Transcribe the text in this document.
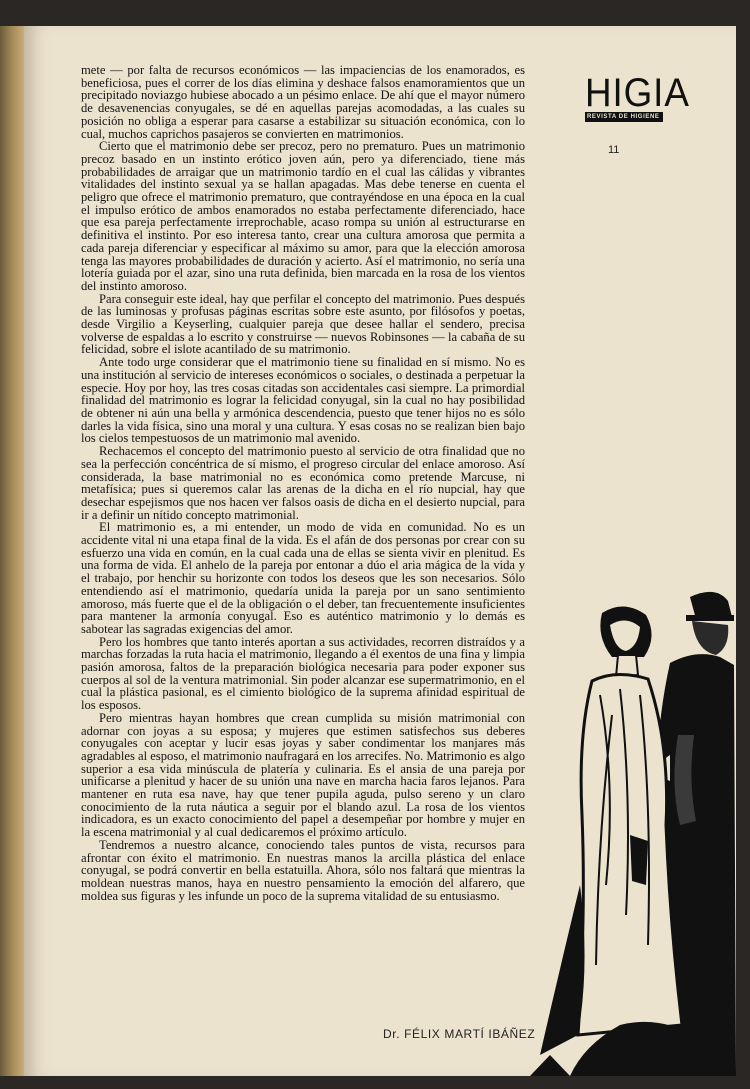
HIGIA
REVISTA DE HIGIENE
11

mete — por falta de recursos económicos — las impaciencias de los enamorados, es beneficiosa, pues el correr de los días elimina y deshace falsos enamoramientos que un precipitado noviazgo hubiese abocado a un pésimo enlace. De ahí que el mayor número de desavenencias conyugales, se dé en aquellas parejas acomodadas, a las cuales su posición no obliga a esperar para casarse a estabilizar su situación económica, con lo cual, muchos caprichos pasajeros se convierten en matrimonios.

Cierto que el matrimonio debe ser precoz, pero no prematuro. Pues un matrimonio precoz basado en un instinto erótico joven aún, pero ya diferenciado, tiene más probabilidades de arraigar que un matrimonio tardío en el cual las cálidas y vibrantes vitalidades del instinto sexual ya se hallan apagadas. Mas debe tenerse en cuenta el peligro que ofrece el matrimonio prematuro, que contrayéndose en una época en la cual el impulso erótico de ambos enamorados no estaba perfectamente diferenciado, hace que esa pareja perfectamente irreprochable, acaso rompa su unión al estructurarse en definitiva el instinto. Por eso interesa tanto, crear una cultura amorosa que permita a cada pareja diferenciar y especificar al máximo su amor, para que la elección amorosa tenga las mayores probabilidades de duración y acierto. Así el matrimonio, no sería una lotería guiada por el azar, sino una ruta definida, bien marcada en la rosa de los vientos del instinto amoroso.

Para conseguir este ideal, hay que perfilar el concepto del matrimonio. Pues después de las luminosas y profusas páginas escritas sobre este asunto, por filósofos y poetas, desde Virgilio a Keyserling, cualquier pareja que desee hallar el sendero, precisa volverse de espaldas a lo escrito y construirse — nuevos Robinsones — la cabaña de su felicidad, sobre el islote acantilado de su matrimonio.

Ante todo urge considerar que el matrimonio tiene su finalidad en sí mismo. No es una institución al servicio de intereses económicos o sociales, o destinada a perpetuar la especie. Hoy por hoy, las tres cosas citadas son accidentales casi siempre. La primordial finalidad del matrimonio es lograr la felicidad conyugal, sin la cual no hay posibilidad de obtener ni aún una bella y armónica descendencia, puesto que tener hijos no es sólo darles la vida física, sino una moral y una cultura. Y esas cosas no se realizan bien bajo los cielos tempestuosos de un matrimonio mal avenido.

Rechacemos el concepto del matrimonio puesto al servicio de otra finalidad que no sea la perfección concéntrica de sí mismo, el progreso circular del enlace amoroso. Así considerada, la base matrimonial no es económica como pretende Marcuse, ni metafísica; pues si queremos calar las arenas de la dicha en el río nupcial, hay que desechar espejismos que nos hacen ver falsos oasis de dicha en el desierto nupcial, para ir a definir un nítido concepto matrimonial.

El matrimonio es, a mi entender, un modo de vida en comunidad. No es un accidente vital ni una etapa final de la vida. Es el afán de dos personas por crear con su esfuerzo una vida en común, en la cual cada una de ellas se sienta vivir en plenitud. Es una forma de vida. El anhelo de la pareja por entonar a dúo el aria mágica de la vida y el trabajo, por henchir su horizonte con todos los deseos que les son necesarios. Sólo entendiendo así el matrimonio, quedaría unida la pareja por un sano sentimiento amoroso, más fuerte que el de la obligación o el deber, tan frecuentemente insuficientes para mantener la armonía conyugal. Eso es auténtico matrimonio y lo demás es sabotear las sagradas exigencias del amor.

Pero los hombres que tanto interés aportan a sus actividades, recorren distraídos y a marchas forzadas la ruta hacia el matrimonio, llegando a él exentos de una fina y limpia pasión amorosa, faltos de la preparación biológica necesaria para poder exponer sus cuerpos al sol de la ventura matrimonial. Sin poder alcanzar ese supermatrimonio, en el cual la plástica pasional, es el cimiento biológico de la suprema afinidad espiritual de los esposos.

Pero mientras hayan hombres que crean cumplida su misión matrimonial con adornar con joyas a su esposa; y mujeres que estimen satisfechos sus deberes conyugales con aceptar y lucir esas joyas y saber condimentar los manjares más agradables al esposo, el matrimonio naufragará en los arrecifes. No. Matrimonio es algo superior a esa vida minúscula de platería y culinaria. Es el ansia de una pareja por unificarse a plenitud y hacer de su unión una nave en marcha hacia faros lejanos. Para mantener en ruta esa nave, hay que tener pupila aguda, pulso sereno y un claro conocimiento de la ruta náutica a seguir por el blando azul. La rosa de los vientos indicadora, es un exacto conocimiento del papel a desempeñar por hombre y mujer en la escena matrimonial y al cual dedicaremos el próximo artículo.

Tendremos a nuestro alcance, conociendo tales puntos de vista, recursos para afrontar con éxito el matrimonio. En nuestras manos la arcilla plástica del enlace conyugal, se podrá convertir en bella estatuilla. Ahora, sólo nos faltará que mientras la moldean nuestras manos, haya en nuestro pensamiento la emoción del alfarero, que moldea sus figuras y les infunde un poco de la suprema vitalidad de su entusiasmo.

Dr. FÉLIX MARTÍ IBÁÑEZ
